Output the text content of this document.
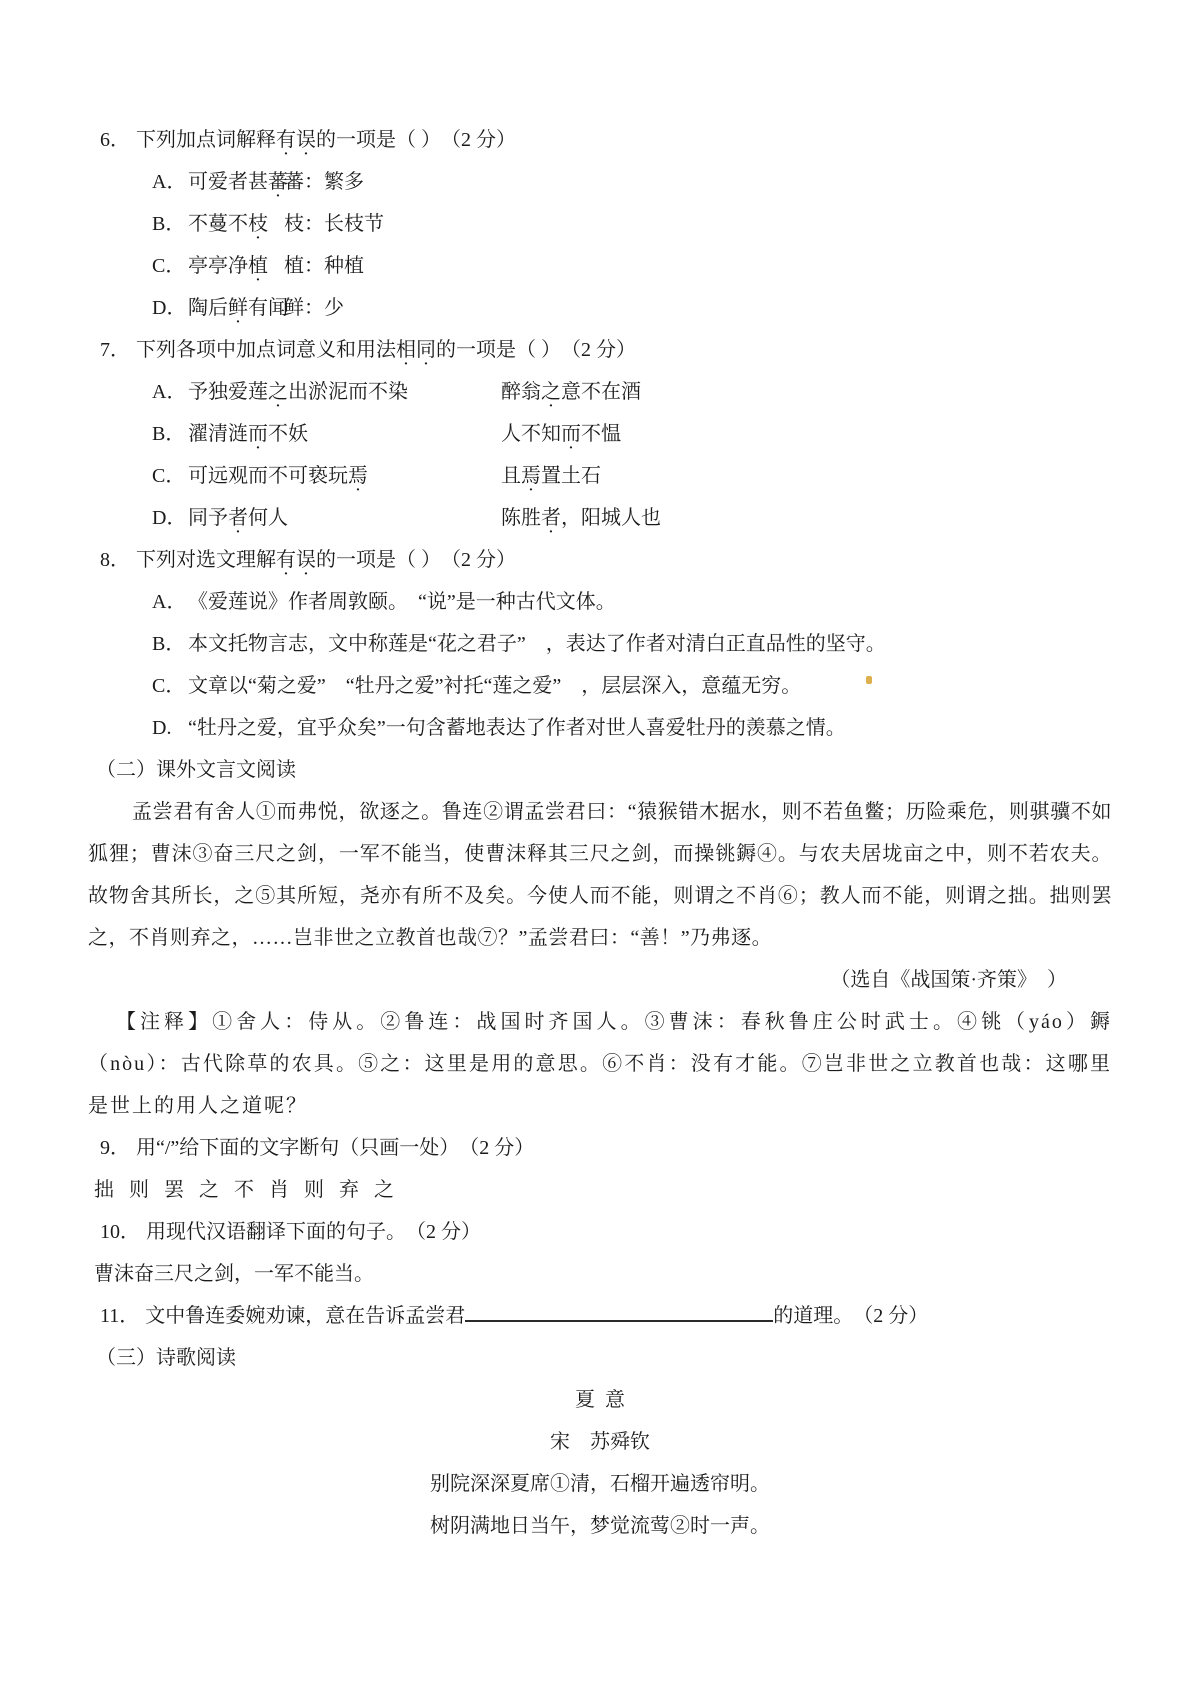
6． 下列加点词解释有误的一项是（ ）　（2 分）
A． 可爱者甚蕃
蕃：繁多
B． 不蔓不枝 枝：长枝节
C． 亭亭净植 植：种植
D． 陶后鲜有闻
鲜：少
7． 下列各项中加点词意义和用法相同的一项是（ ）　（2 分）
A． 予独爱莲之出淤泥而不染	醉翁之意不在酒
B． 濯清涟而不妖	人不知而不愠
C． 可远观而不可亵玩焉	且焉置土石
D． 同予者何人	陈胜者，阳城人也
8． 下列对选文理解有误的一项是（ ）　（2 分）
A． 《爱莲说》作者周敦颐。　“说”是一种古代文体。
B． 本文托物言志，文中称莲是“花之君子”　，表达了作者对清白正直品性的坚守。
C． 文章以“菊之爱”　“牡丹之爱”衬托“莲之爱”　，层层深入，意蕴无穷。
D. “牡丹之爱，宜乎众矣”一句含蓄地表达了作者对世人喜爱牡丹的羡慕之情。
（二）课外文言文阅读

孟尝君有舍人①而弗悦，欲逐之。鲁连②谓孟尝君曰：“猿猴错木据水，则不若鱼鳖；历险乘危，则骐骥不如狐狸；曹沫③奋三尺之剑，一军不能当，使曹沫释其三尺之剑，而操铫鎒④。与农夫居垅亩之中，则不若农夫。故物舍其所长，之⑤其所短，尧亦有所不及矣。今使人而不能，则谓之不肖⑥；教人而不能，则谓之拙。拙则罢之，不肖则弃之，……岂非世之立教首也哉⑦？”孟尝君曰：“善！”乃弗逐。

（选自《战国策·齐策》　）

【注释】①舍人：侍从。②鲁连：战国时齐国人。③曹沫：春秋鲁庄公时武士。④铫（yáo）鎒（nòu）：古代除草的农具。⑤之：这里是用的意思。⑥不肖：没有才能。⑦岂非世之立教首也哉：这哪里是世上的用人之道呢？

9． 用“/”给下面的文字断句（只画一处）　（2 分）
拙 则 罢 之 不 肖 则 弃 之
10． 用现代汉语翻译下面的句子。　（2 分）
曹沫奋三尺之剑，一军不能当。
11． 文中鲁连委婉劝谏，意在告诉孟尝君	的道理。　（2 分）
（三）诗歌阅读
夏意
宋　苏舜钦
别院深深夏席①清，石榴开遍透帘明。
树阴满地日当午，梦觉流莺②时一声。
